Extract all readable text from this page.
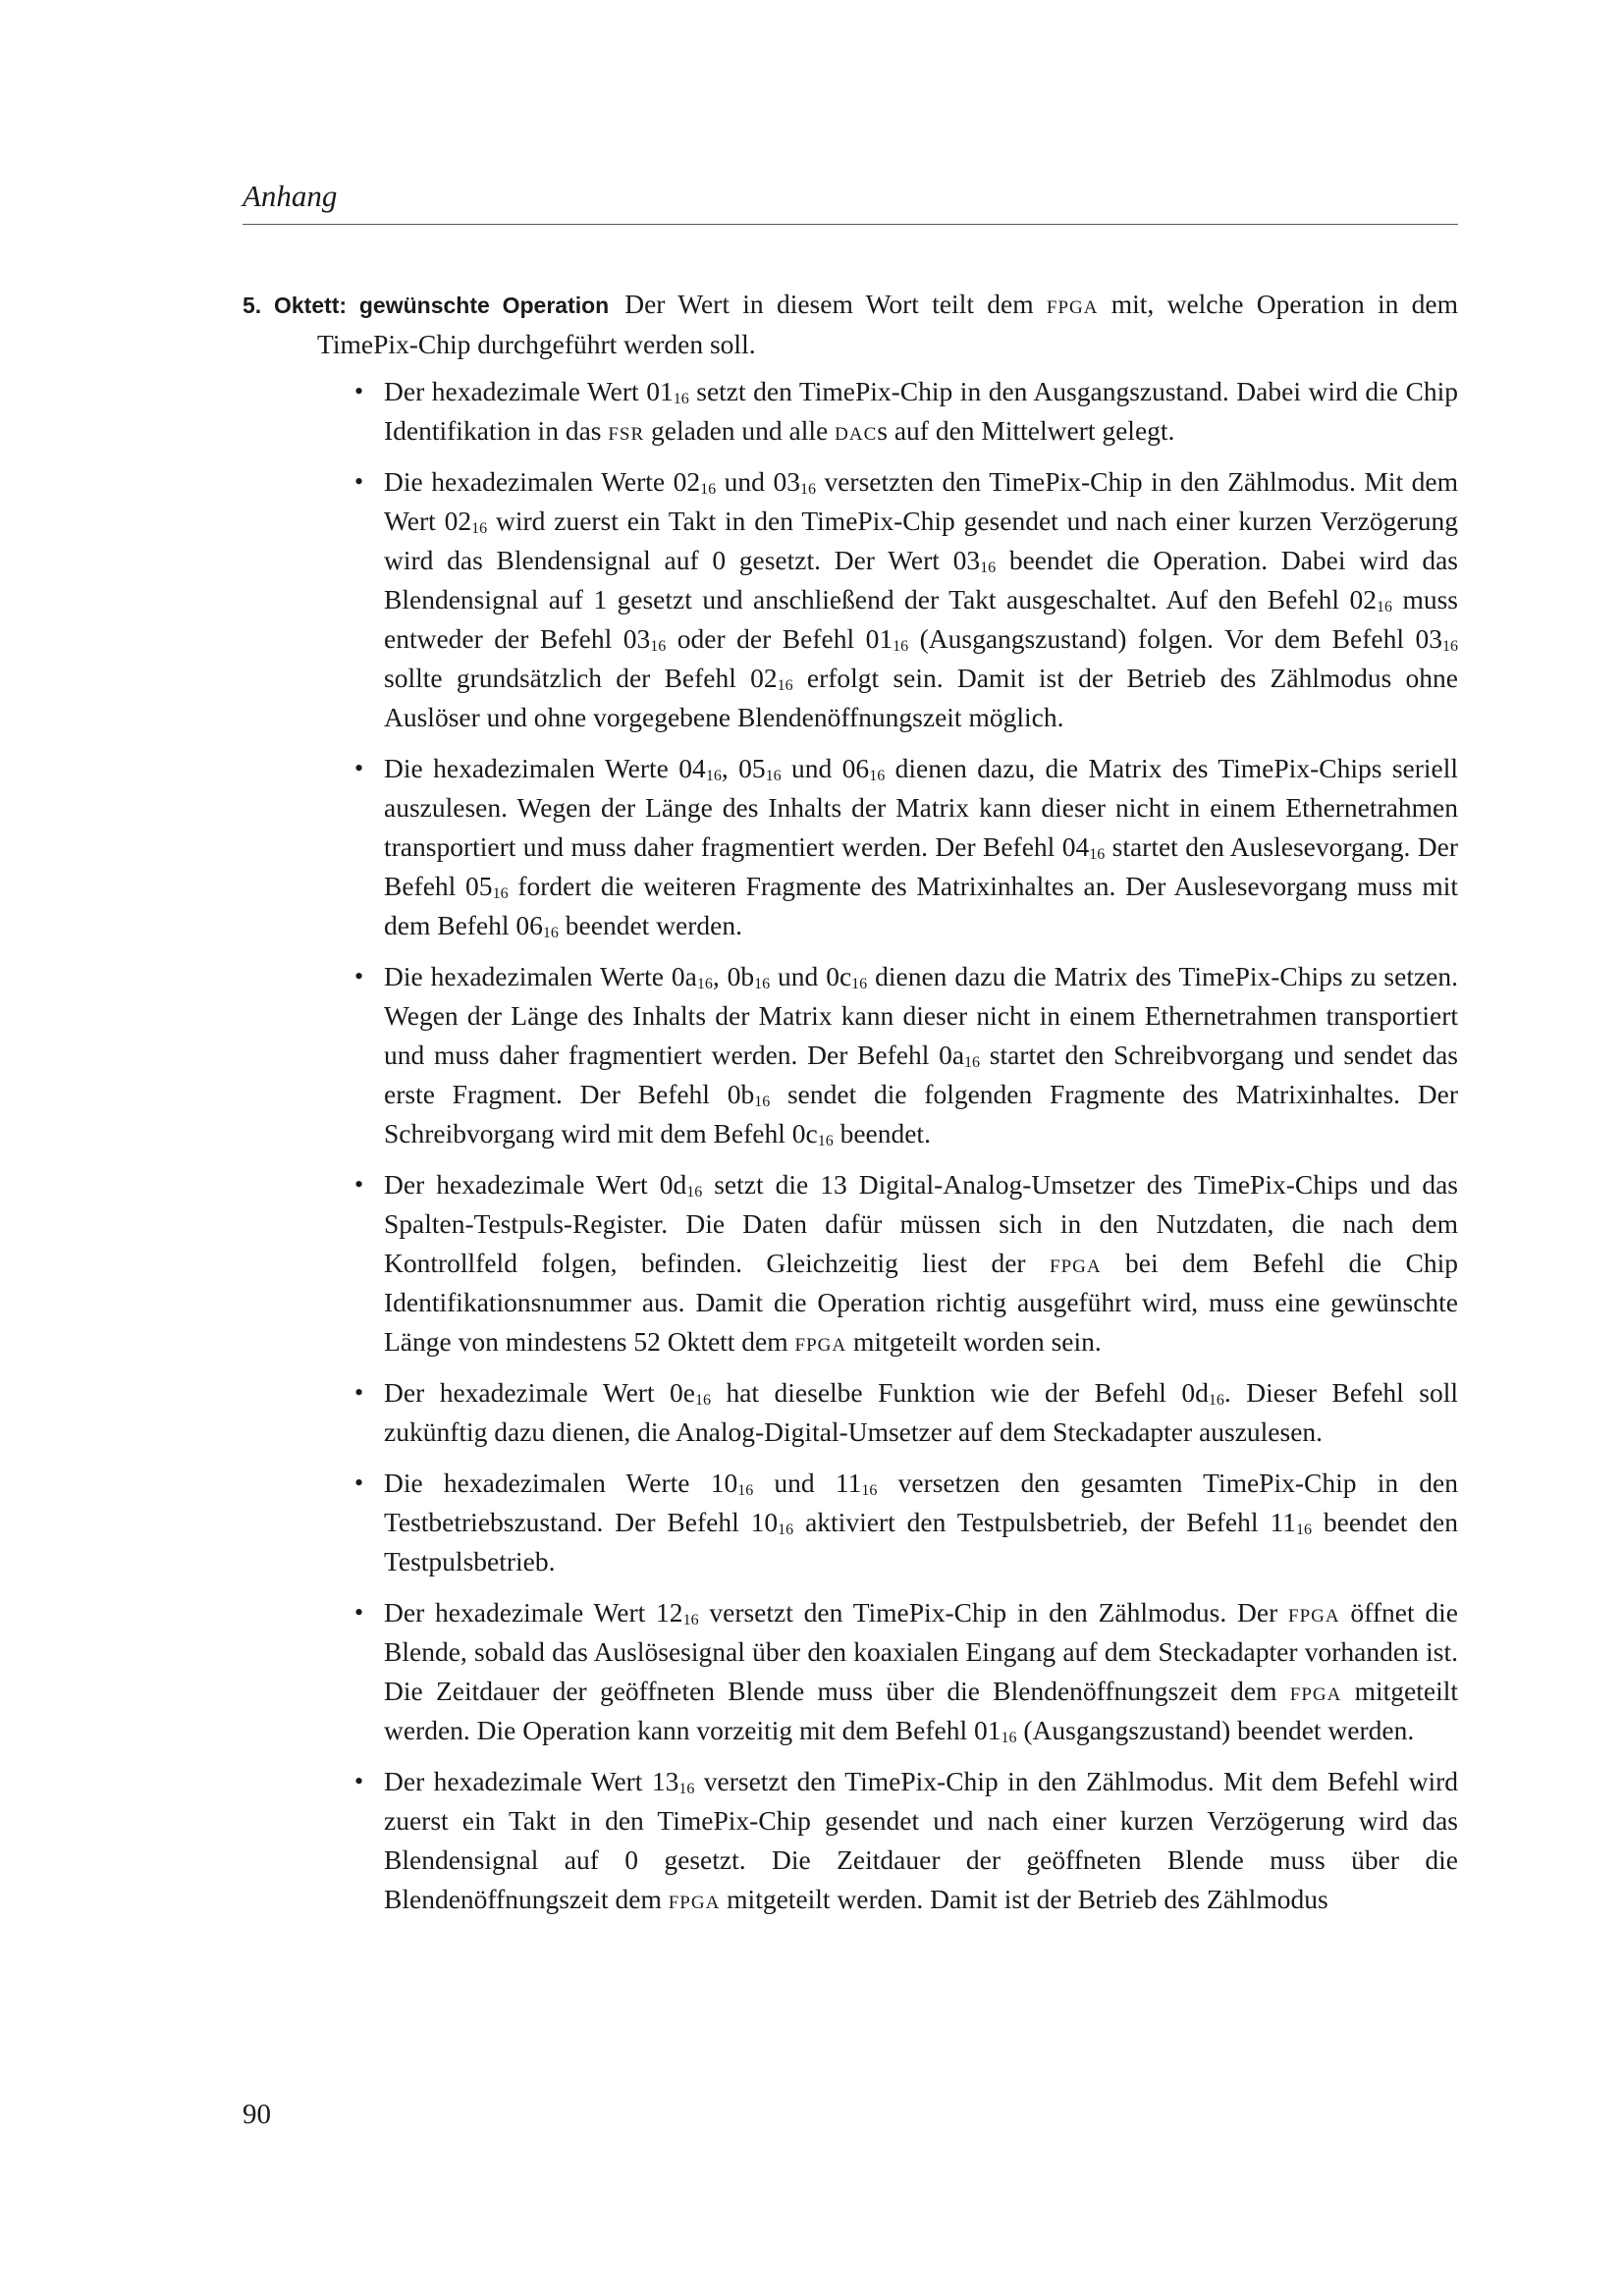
Anhang

5. Oktett: gewünschte Operation Der Wert in diesem Wort teilt dem fpga mit, welche Operation in dem TimePix-Chip durchgeführt werden soll.

• Der hexadezimale Wert $01_{16}$ setzt den TimePix-Chip in den Ausgangszustand. Dabei wird die Chip Identifikation in das fsr geladen und alle dacs auf den Mittelwert gelegt.
• Die hexadezimalen Werte $02_{16}$ und $03_{16}$ versetzten den TimePix-Chip in den Zählmodus. Mit dem Wert $02_{16}$ wird zuerst ein Takt in den TimePix-Chip gesendet und nach einer kurzen Verzögerung wird das Blendensignal auf 0 gesetzt. Der Wert $03_{16}$ beendet die Operation. Dabei wird das Blendensignal auf 1 gesetzt und anschließend der Takt ausgeschaltet. Auf den Befehl $02_{16}$ muss entweder der Befehl $03_{16}$ oder der Befehl $01_{16}$ (Ausgangszustand) folgen. Vor dem Befehl $03_{16}$ sollte grundsätzlich der Befehl $02_{16}$ erfolgt sein. Damit ist der Betrieb des Zählmodus ohne Auslöser und ohne vorgegebene Blendenöffnungszeit möglich.
• Die hexadezimalen Werte $04_{16}$, $05_{16}$ und $06_{16}$ dienen dazu, die Matrix des TimePix-Chips seriell auszulesen. Wegen der Länge des Inhalts der Matrix kann dieser nicht in einem Ethernetrahmen transportiert und muss daher fragmentiert werden. Der Befehl $04_{16}$ startet den Auslesevorgang. Der Befehl $05_{16}$ fordert die weiteren Fragmente des Matrixinhaltes an. Der Auslesevorgang muss mit dem Befehl $06_{16}$ beendet werden.
• Die hexadezimalen Werte $0a_{16}$, $0b_{16}$ und $0c_{16}$ dienen dazu die Matrix des TimePix-Chips zu setzen. Wegen der Länge des Inhalts der Matrix kann dieser nicht in einem Ethernetrahmen transportiert und muss daher fragmentiert werden. Der Befehl $0a_{16}$ startet den Schreibvorgang und sendet das erste Fragment. Der Befehl $0b_{16}$ sendet die folgenden Fragmente des Matrixinhaltes. Der Schreibvorgang wird mit dem Befehl $0c_{16}$ beendet.
• Der hexadezimale Wert $0d_{16}$ setzt die 13 Digital-Analog-Umsetzer des TimePix-Chips und das Spalten-Testpuls-Register. Die Daten dafür müssen sich in den Nutzdaten, die nach dem Kontrollfeld folgen, befinden. Gleichzeitig liest der fpga bei dem Befehl die Chip Identifikationsnummer aus. Damit die Operation richtig ausgeführt wird, muss eine gewünschte Länge von mindestens 52 Oktett dem fpga mitgeteilt worden sein.
• Der hexadezimale Wert $0e_{16}$ hat dieselbe Funktion wie der Befehl $0d_{16}$. Dieser Befehl soll zukünftig dazu dienen, die Analog-Digital-Umsetzer auf dem Steckadapter auszulesen.
• Die hexadezimalen Werte $10_{16}$ und $11_{16}$ versetzen den gesamten TimePix-Chip in den Testbetriebszustand. Der Befehl $10_{16}$ aktiviert den Testpulsbetrieb, der Befehl $11_{16}$ beendet den Testpulsbetrieb.
• Der hexadezimale Wert $12_{16}$ versetzt den TimePix-Chip in den Zählmodus. Der fpga öffnet die Blende, sobald das Auslösesignal über den koaxialen Eingang auf dem Steckadapter vorhanden ist. Die Zeitdauer der geöffneten Blende muss über die Blendenöffnungszeit dem fpga mitgeteilt werden. Die Operation kann vorzeitig mit dem Befehl $01_{16}$ (Ausgangszustand) beendet werden.
• Der hexadezimale Wert $13_{16}$ versetzt den TimePix-Chip in den Zählmodus. Mit dem Befehl wird zuerst ein Takt in den TimePix-Chip gesendet und nach einer kurzen Verzögerung wird das Blendensignal auf 0 gesetzt. Die Zeitdauer der geöffneten Blende muss über die Blendenöffnungszeit dem fpga mitgeteilt werden. Damit ist der Betrieb des Zählmodus
90
